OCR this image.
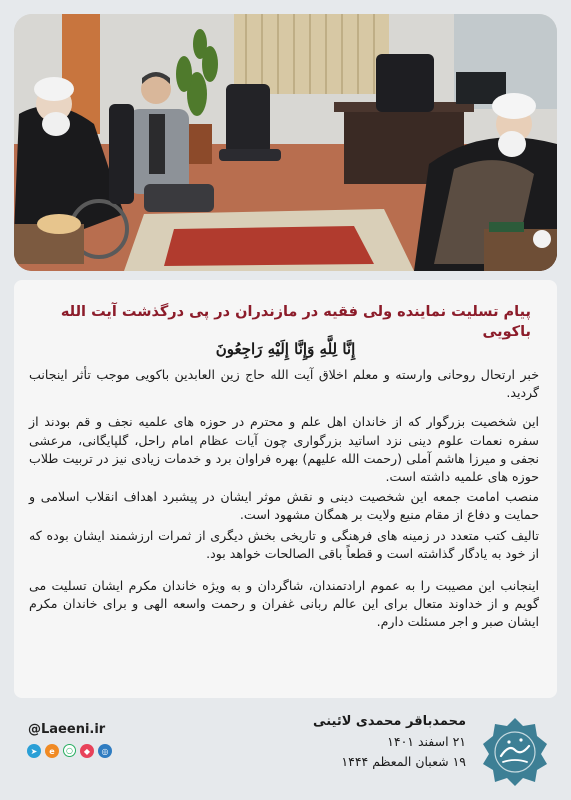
پیام تسلیت نماینده ولی فقیه در مازندران در پی درگذشت آیت الله باکویی
إِنَّا لِلَّهِ وَإِنَّا إِلَیْهِ رَاجِعُونَ

خبر ارتحال روحانی وارسته و معلم اخلاق آیت الله حاج زین العابدین باکویی موجب تأثر اینجانب گردید.

این شخصیت بزرگوار که از خاندان اهل علم و محترم در حوزه های علمیه نجف و قم بودند از سفره نعمات علوم دینی نزد اساتید بزرگواری چون آیات عظام امام راحل، گلپایگانی، مرعشی نجفی و میرزا هاشم آملی (رحمت الله علیهم) بهره فراوان برد و خدمات زیادی نیز در تربیت طلاب حوزه های علمیه داشته است.

منصب امامت جمعه این شخصیت دینی و نقش موثر ایشان در پیشبرد اهداف انقلاب اسلامی و حمایت و دفاع از مقام منیع ولایت بر همگان مشهود است.

تالیف کتب متعدد در زمینه های فرهنگی و تاریخی بخش دیگری از ثمرات ارزشمند ایشان بوده که از خود به یادگار گذاشته است و قطعاً باقی الصالحات خواهد بود.

اینجانب این مصیبت را به عموم ارادتمندان، شاگردان و به ویژه خاندان مکرم ایشان تسلیت می گویم و از خداوند متعال برای این عالم ربانی غفران و رحمت واسعه الهی و برای خاندان مکرم ایشان صبر و اجر مسئلت دارم.

محمدباقر محمدی لائینی
۲۱ اسفند ۱۴۰۱
۱۹ شعبان المعظم ۱۴۴۴
@Laeeni.ir
➤	e	○	◆	◎
